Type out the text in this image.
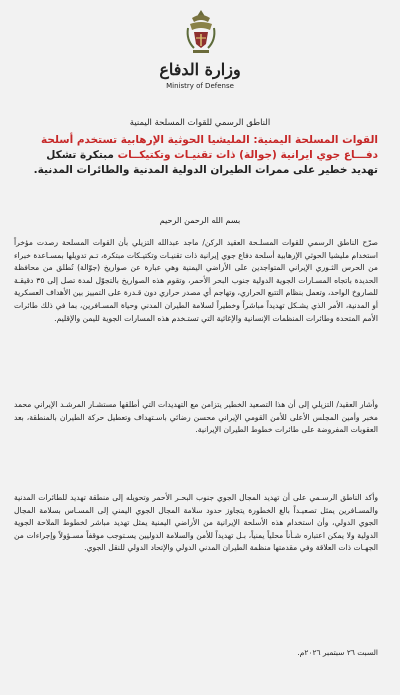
وزارة الدفاع
Ministry of Defense
الناطق الرسمي للقوات المسلحة اليمنية
القوات المسلحة اليمنية: المليشيا الحوثية الإرهابية تستخدم أسلحة دفـــاع جوي ايرانية (جوالة) ذات تقنيـات وتكتيكــات مبتكرة تشكل تهديد خطير على ممرات الطيران الدولية المدنية والطائرات المدنية.
بسم الله الرحمن الرحيم

صرّح الناطق الرسمي للقوات المسلـحة العقيد الركن/ ماجد عبدالله التزيلي بأن القوات المسلحة رصدت مؤخراً استخدام مليشيا الحوثي الإرهابية أسلحة دفاع جوي إيرانية ذات تقنيـات وتكتيـكات مبتكرة، تـم تدويلها بمسـاعدة خبراء من الحرس الثـوري الإيراني المتواجدين على الأراضي اليمنية وهي عبارة عن صواريخ (جوّالة) تُطلق من محافظة الحديدة باتجاه المسـارات الجوية الدولية جنوب البحر الأحمر، وتقوم هذه الصواريخ بالتجوّل لمدة تصل إلى ٣٥ دقيقـة للصاروخ الواحد، وتعمل بنظام التتبع الحراري، وتهاجم أي مصدر حراري دون قـدرة على التمييز بين الأهداف العسكرية أو المدنية، الأمر الذي يشـكل تهديداً مباشراً وخطيراً لسلامة الطيران المدني وحياة المسـافرين، بما في ذلك طائرات الأمم المتحدة وطائرات المنظمات الإنسانية والإغاثية التي تستـخدم هذه المسارات الجوية لليمن والإقليم.

وأشار العقيد/ التزيلي إلى أن هذا التصعيد الخطير يتزامن مع التهديدات التي أطلقها مستشـار المرشـد الإيراني محمد مخبر وأمين المجلس الأعلى للأمن القومي الإيراني محسن رضائي باسـتهداف وتعطيل حركة الطيران بالمنطقة، بعد العقوبات المفروضة على طائرات خطوط الطيران الإيرانية.

وأكد الناطق الرسـمي على أن تهديد المجال الجوي جنوب البحـر الأحمر وتحويله إلى منطقة تهديد للطائرات المدنية والمسـافرين يمثل تصعيـداً بالغ الخطورة يتجاوز حدود سلامة المجال الجوي اليمني إلى المسـاس بسلامة المجال الجوي الدولي، وأن استخدام هذه الأسلحة الإيرانية من الأراضي اليمنية يمثل تهديد مباشر لخطوط الملاحة الجوية الدولية ولا يمكن اعتباره شـأناً محلياً يمنياً، بـل تهديداً للأمن والسلامة الدوليين يسـتوجب موقفاً مسـؤولاً وإجراءات من الجهـات ذات العلاقة وفي مقدمتها منظمة الطيران المدني الدولي والإتحاد الدولي للنقل الجوي.

السبت ٢٦ سبتمبر ٢٠٢٦م.
